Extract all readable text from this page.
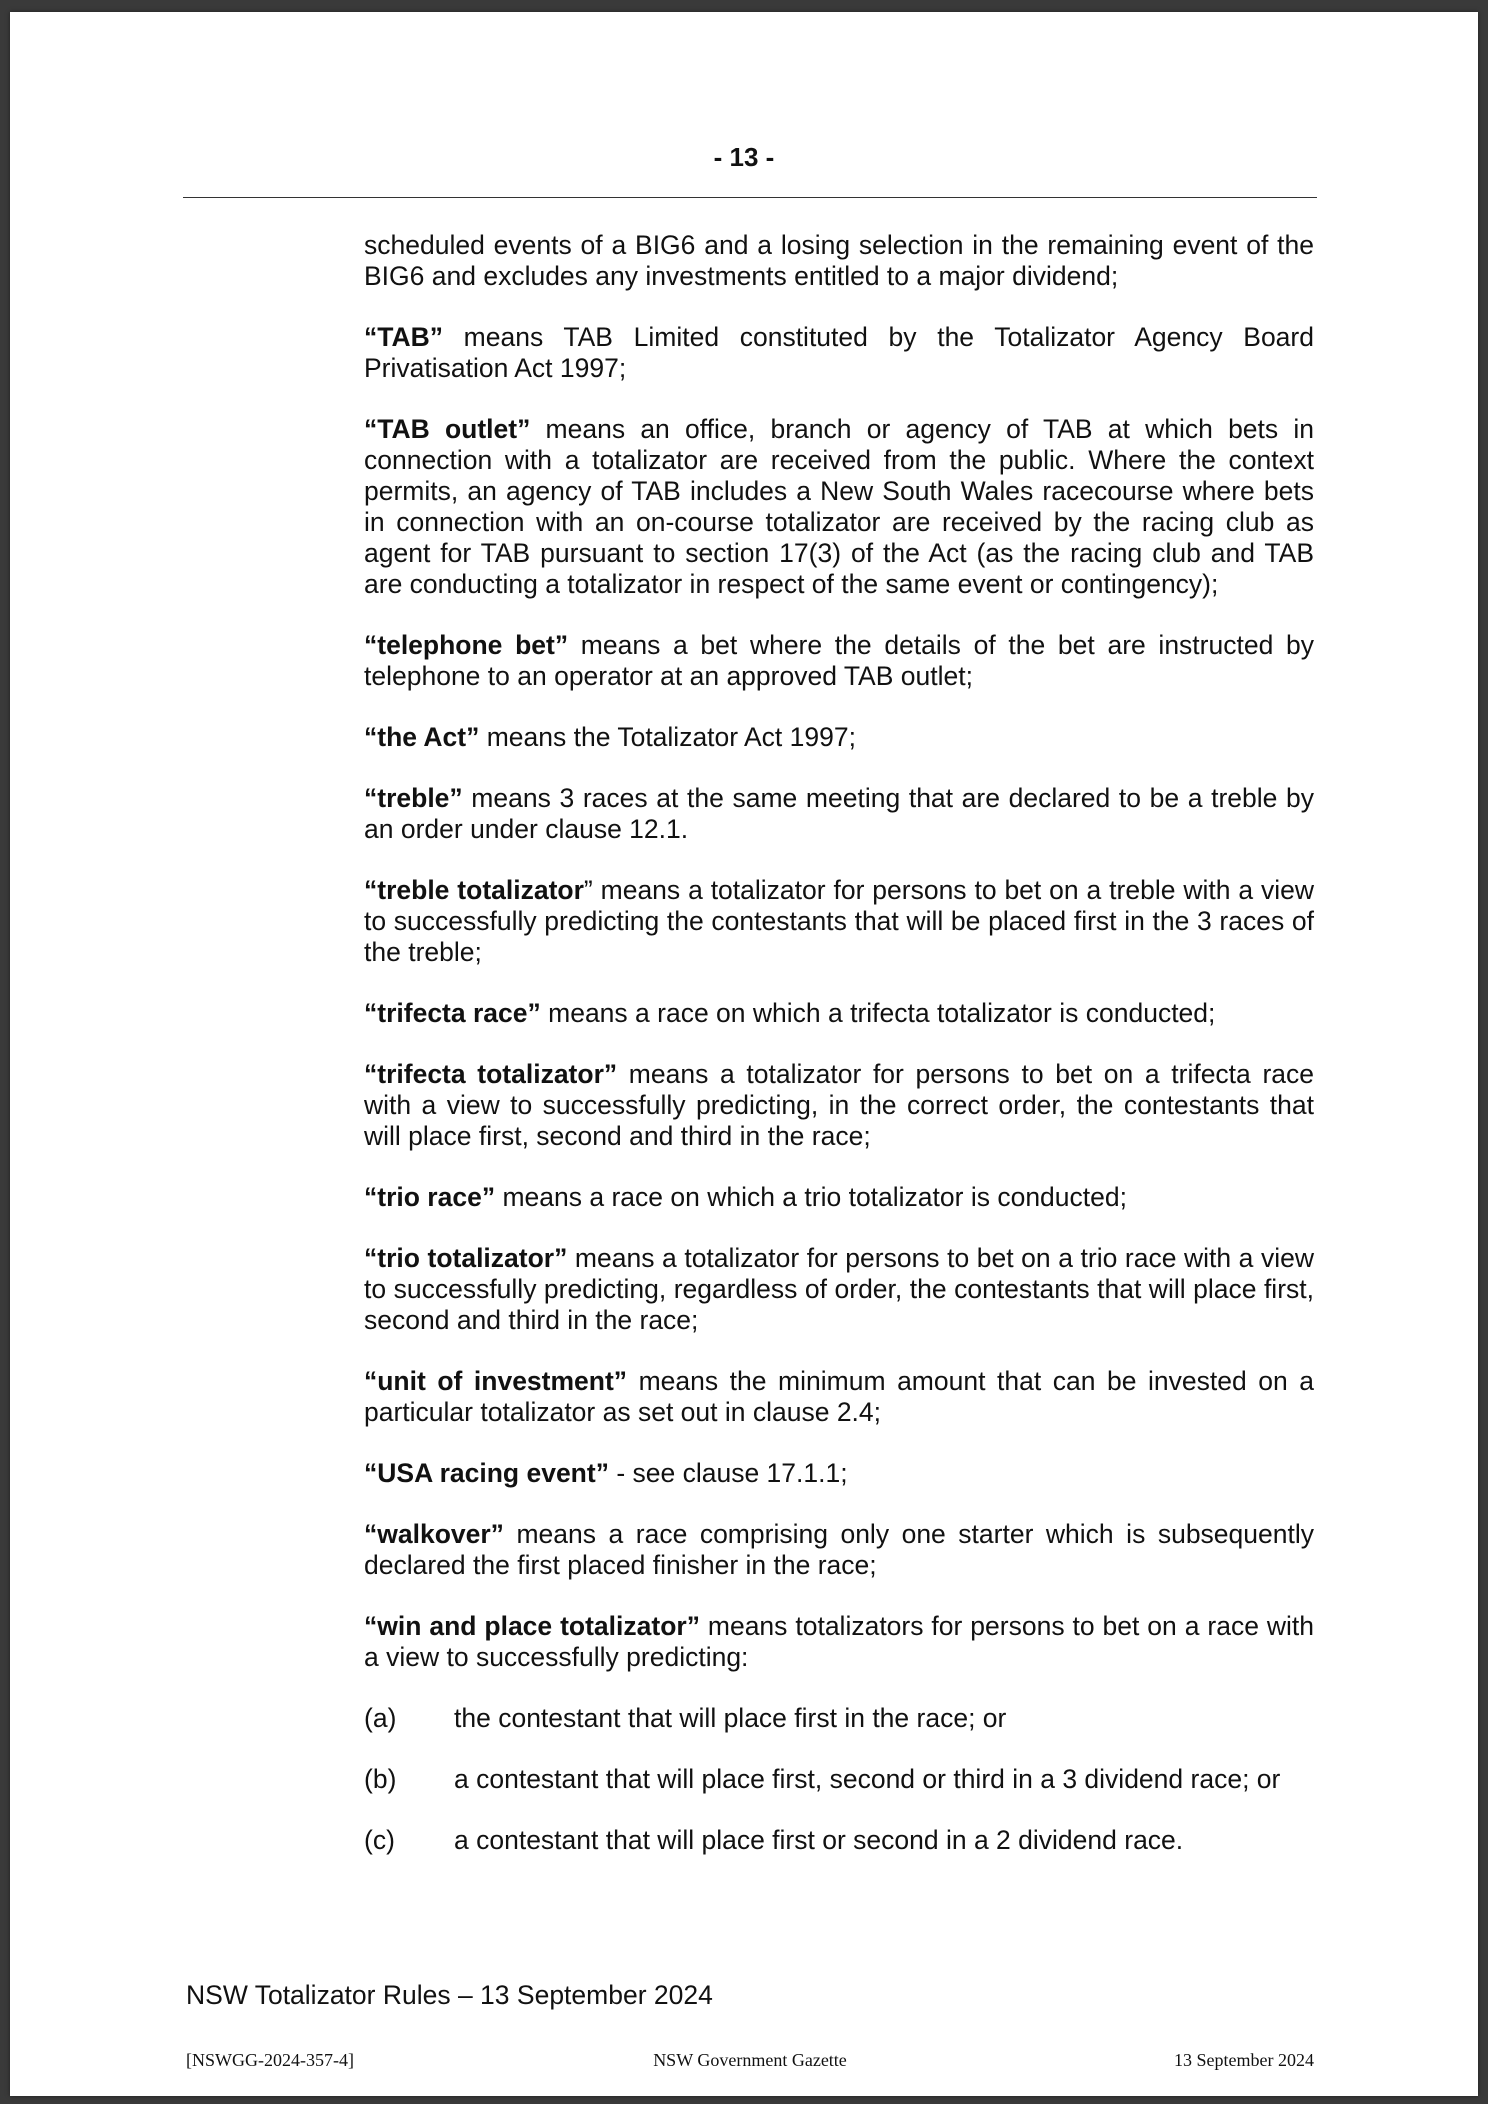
- 13 -

scheduled events of a BIG6 and a losing selection in the remaining event of the BIG6 and excludes any investments entitled to a major dividend;

“TAB” means TAB Limited constituted by the Totalizator Agency Board Privatisation Act 1997;

“TAB outlet” means an office, branch or agency of TAB at which bets in connection with a totalizator are received from the public. Where the context permits, an agency of TAB includes a New South Wales racecourse where bets in connection with an on-course totalizator are received by the racing club as agent for TAB pursuant to section 17(3) of the Act (as the racing club and TAB are conducting a totalizator in respect of the same event or contingency);

“telephone bet” means a bet where the details of the bet are instructed by telephone to an operator at an approved TAB outlet;

“the Act” means the Totalizator Act 1997;

“treble” means 3 races at the same meeting that are declared to be a treble by an order under clause 12.1.

“treble totalizator” means a totalizator for persons to bet on a treble with a view to successfully predicting the contestants that will be placed first in the 3 races of the treble;

“trifecta race” means a race on which a trifecta totalizator is conducted;

“trifecta totalizator” means a totalizator for persons to bet on a trifecta race with a view to successfully predicting, in the correct order, the contestants that will place first, second and third in the race;

“trio race” means a race on which a trio totalizator is conducted;

“trio totalizator” means a totalizator for persons to bet on a trio race with a view to successfully predicting, regardless of order, the contestants that will place first, second and third in the race;

“unit of investment” means the minimum amount that can be invested on a particular totalizator as set out in clause 2.4;

“USA racing event” - see clause 17.1.1;

“walkover” means a race comprising only one starter which is subsequently declared the first placed finisher in the race;

“win and place totalizator” means totalizators for persons to bet on a race with a view to successfully predicting:

(a)	the contestant that will place first in the race; or
(b)	a contestant that will place first, second or third in a 3 dividend race; or
(c)	a contestant that will place first or second in a 2 dividend race.
NSW Totalizator Rules – 13 September 2024
[NSWGG-2024-357-4]	NSW Government Gazette	13 September 2024
